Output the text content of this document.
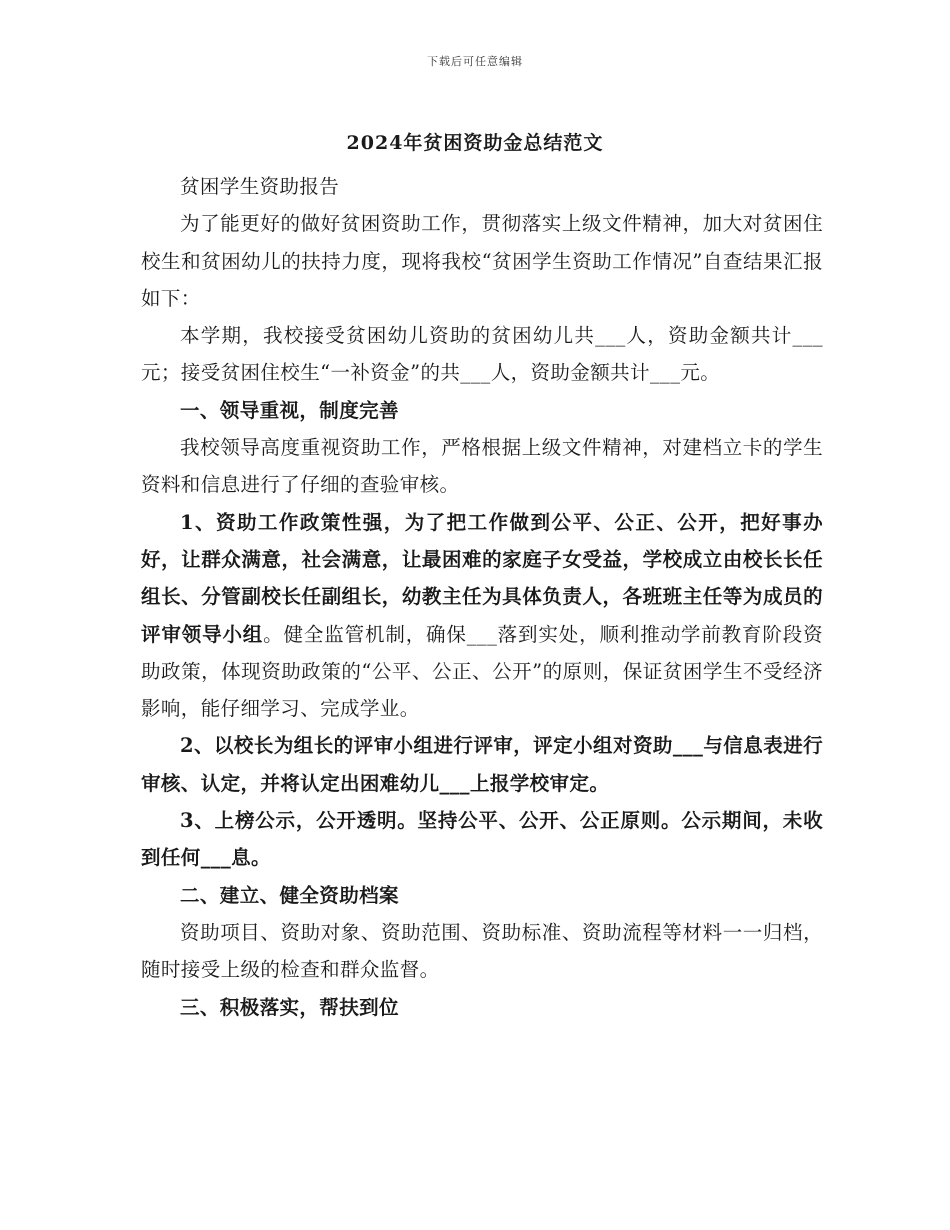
下载后可任意编辑
2024年贫困资助金总结范文

贫困学生资助报告

为了能更好的做好贫困资助工作，贯彻落实上级文件精神，加大对贫困住校生和贫困幼儿的扶持力度，现将我校“贫困学生资助工作情况”自查结果汇报如下：

本学期，我校接受贫困幼儿资助的贫困幼儿共___人，资助金额共计___元；接受贫困住校生“一补资金”的共___人，资助金额共计___元。

一、领导重视，制度完善

我校领导高度重视资助工作，严格根据上级文件精神，对建档立卡的学生资料和信息进行了仔细的查验审核。

1、资助工作政策性强，为了把工作做到公平、公正、公开，把好事办好，让群众满意，社会满意，让最困难的家庭子女受益，学校成立由校长长任组长、分管副校长任副组长，幼教主任为具体负责人，各班班主任等为成员的评审领导小组。健全监管机制，确保___落到实处，顺利推动学前教育阶段资助政策，体现资助政策的“公平、公正、公开”的原则，保证贫困学生不受经济影响，能仔细学习、完成学业。

2、以校长为组长的评审小组进行评审，评定小组对资助___与信息表进行审核、认定，并将认定出困难幼儿___上报学校审定。

3、上榜公示，公开透明。坚持公平、公开、公正原则。公示期间，未收到任何___息。

二、建立、健全资助档案

资助项目、资助对象、资助范围、资助标准、资助流程等材料一一归档，随时接受上级的检查和群众监督。

三、积极落实，帮扶到位
